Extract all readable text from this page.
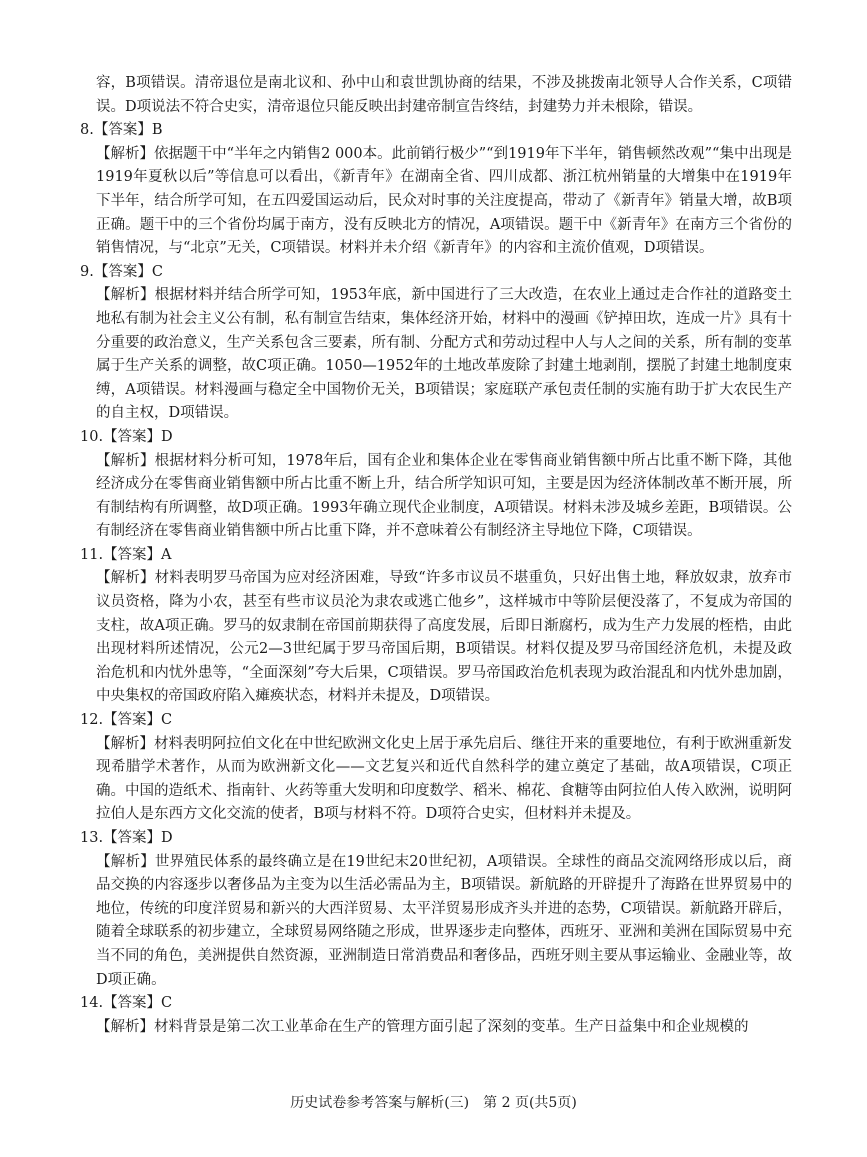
容，B项错误。清帝退位是南北议和、孙中山和袁世凯协商的结果，不涉及挑拨南北领导人合作关系，C项错误。D项说法不符合史实，清帝退位只能反映出封建帝制宣告终结，封建势力并未根除，错误。

8.【答案】B

【解析】依据题干中“半年之内销售2 000本。此前销行极少”“到1919年下半年，销售顿然改观”“集中出现是1919年夏秋以后”等信息可以看出，《新青年》在湖南全省、四川成都、浙江杭州销量的大增集中在1919年下半年，结合所学可知，在五四爱国运动后，民众对时事的关注度提高，带动了《新青年》销量大增，故B项正确。题干中的三个省份均属于南方，没有反映北方的情况，A项错误。题干中《新青年》在南方三个省份的销售情况，与“北京”无关，C项错误。材料并未介绍《新青年》的内容和主流价值观，D项错误。

9.【答案】C

【解析】根据材料并结合所学可知，1953年底，新中国进行了三大改造，在农业上通过走合作社的道路变土地私有制为社会主义公有制，私有制宣告结束，集体经济开始，材料中的漫画《铲掉田坎，连成一片》具有十分重要的政治意义，生产关系包含三要素，所有制、分配方式和劳动过程中人与人之间的关系，所有制的变革属于生产关系的调整，故C项正确。1050—1952年的土地改革废除了封建土地剥削，摆脱了封建土地制度束缚，A项错误。材料漫画与稳定全中国物价无关，B项错误；家庭联产承包责任制的实施有助于扩大农民生产的自主权，D项错误。

10.【答案】D

【解析】根据材料分析可知，1978年后，国有企业和集体企业在零售商业销售额中所占比重不断下降，其他经济成分在零售商业销售额中所占比重不断上升，结合所学知识可知，主要是因为经济体制改革不断开展，所有制结构有所调整，故D项正确。1993年确立现代企业制度，A项错误。材料未涉及城乡差距，B项错误。公有制经济在零售商业销售额中所占比重下降，并不意味着公有制经济主导地位下降，C项错误。

11.【答案】A

【解析】材料表明罗马帝国为应对经济困难，导致“许多市议员不堪重负，只好出售土地，释放奴隶，放弃市议员资格，降为小农，甚至有些市议员沦为隶农或逃亡他乡”，这样城市中等阶层便没落了，不复成为帝国的支柱，故A项正确。罗马的奴隶制在帝国前期获得了高度发展，后即日渐腐朽，成为生产力发展的桎梏，由此出现材料所述情况，公元2—3世纪属于罗马帝国后期，B项错误。材料仅提及罗马帝国经济危机，未提及政治危机和内忧外患等，“全面深刻”夸大后果，C项错误。罗马帝国政治危机表现为政治混乱和内忧外患加剧，中央集权的帝国政府陷入瘫痪状态，材料并未提及，D项错误。

12.【答案】C

【解析】材料表明阿拉伯文化在中世纪欧洲文化史上居于承先启后、继往开来的重要地位，有利于欧洲重新发现希腊学术著作，从而为欧洲新文化——文艺复兴和近代自然科学的建立奠定了基础，故A项错误，C项正确。中国的造纸术、指南针、火药等重大发明和印度数学、稻米、棉花、食糖等由阿拉伯人传入欧洲，说明阿拉伯人是东西方文化交流的使者，B项与材料不符。D项符合史实，但材料并未提及。

13.【答案】D

【解析】世界殖民体系的最终确立是在19世纪末20世纪初，A项错误。全球性的商品交流网络形成以后，商品交换的内容逐步以奢侈品为主变为以生活必需品为主，B项错误。新航路的开辟提升了海路在世界贸易中的地位，传统的印度洋贸易和新兴的大西洋贸易、太平洋贸易形成齐头并进的态势，C项错误。新航路开辟后，随着全球联系的初步建立，全球贸易网络随之形成，世界逐步走向整体，西班牙、亚洲和美洲在国际贸易中充当不同的角色，美洲提供自然资源，亚洲制造日常消费品和奢侈品，西班牙则主要从事运输业、金融业等，故D项正确。

14.【答案】C

【解析】材料背景是第二次工业革命在生产的管理方面引起了深刻的变革。生产日益集中和企业规模的

历史试卷参考答案与解析(三)　第 2 页(共5页)
